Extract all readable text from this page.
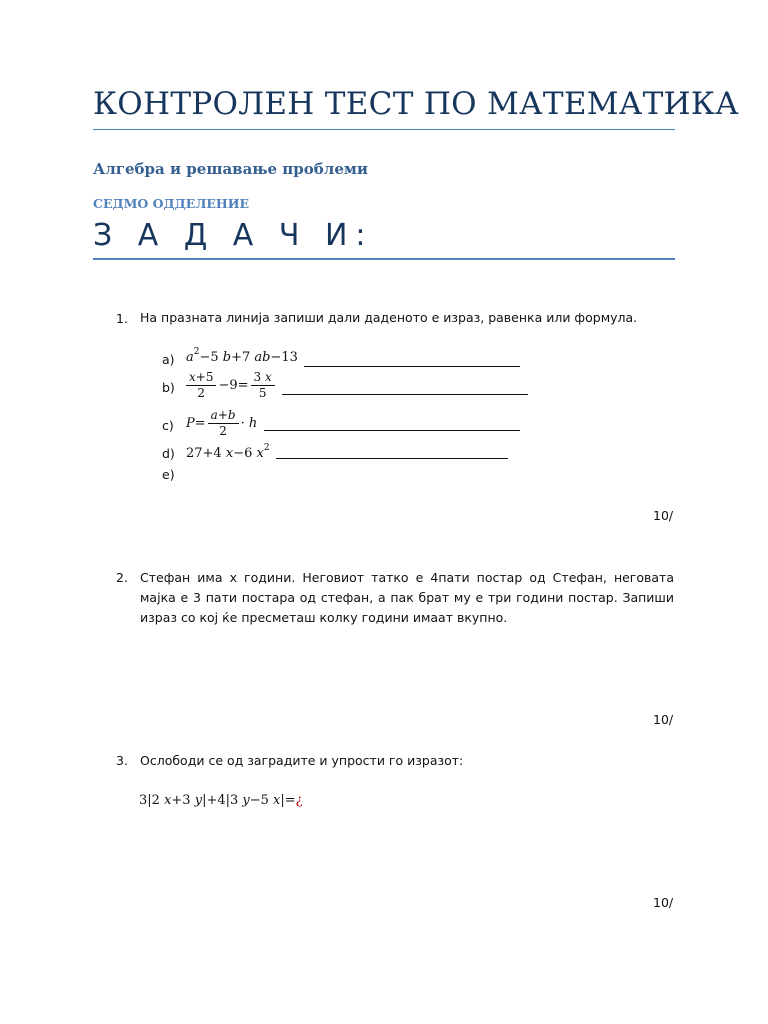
КОНТРОЛЕН ТЕСТ ПО МАТЕМАТИКА
Алгебра и решавање проблеми
СЕДМО ОДДЕЛЕНИЕ
З А Д А Ч И:
1. На празната линија запиши дали даденото е израз, равенка или формула.
a) $a^2-5$ b+7 ab−13
$b) \frac{x+5}{2} -9= \frac{3 x}{5}$
c) $P= \frac{a+b}{2} \cdot h$
d) 27+4 x−6 $x^2$
e)
10/
2. Стефан има x години. Неговиот татко е 4пати постар од Стефан, неговата мајка е 3 пати постара од стефан, а пак брат му е три години постар. Запиши израз со кој ќе пресметаш колку години имаат вкупно.
10/
3. Ослободи се од заградите и упрости го изразот:
3|2 x+3 y|+4|3 y−5 x|=¿
10/
